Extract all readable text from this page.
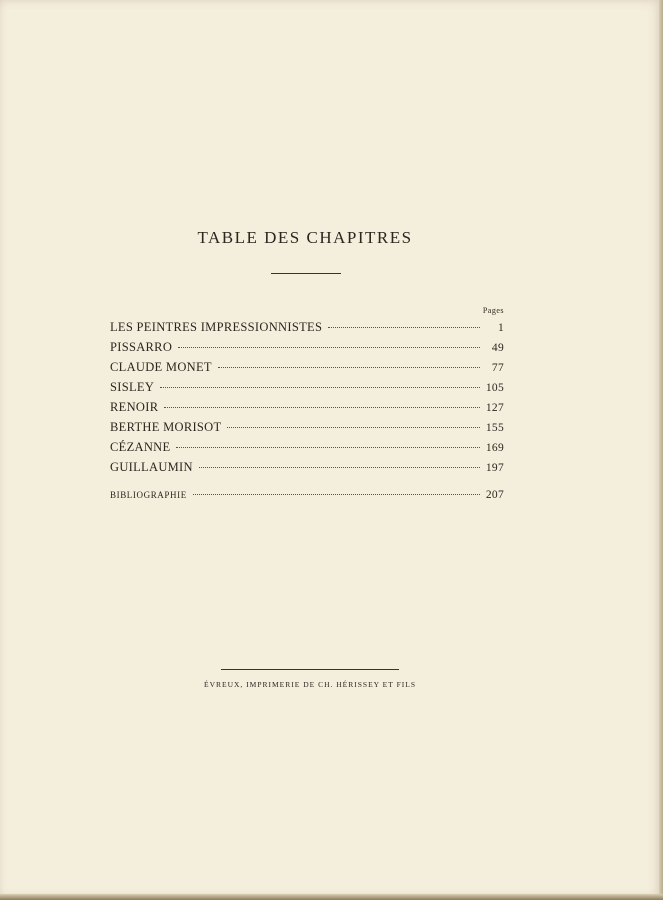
TABLE DES CHAPITRES
Pages
LES PEINTRES IMPRESSIONNISTES	1
PISSARRO	49
CLAUDE MONET	77
SISLEY	105
RENOIR	127
BERTHE MORISOT	155
CÉZANNE	169
GUILLAUMIN	197
BIBLIOGRAPHIE	207
ÉVREUX, IMPRIMERIE DE CH. HÉRISSEY ET FILS
